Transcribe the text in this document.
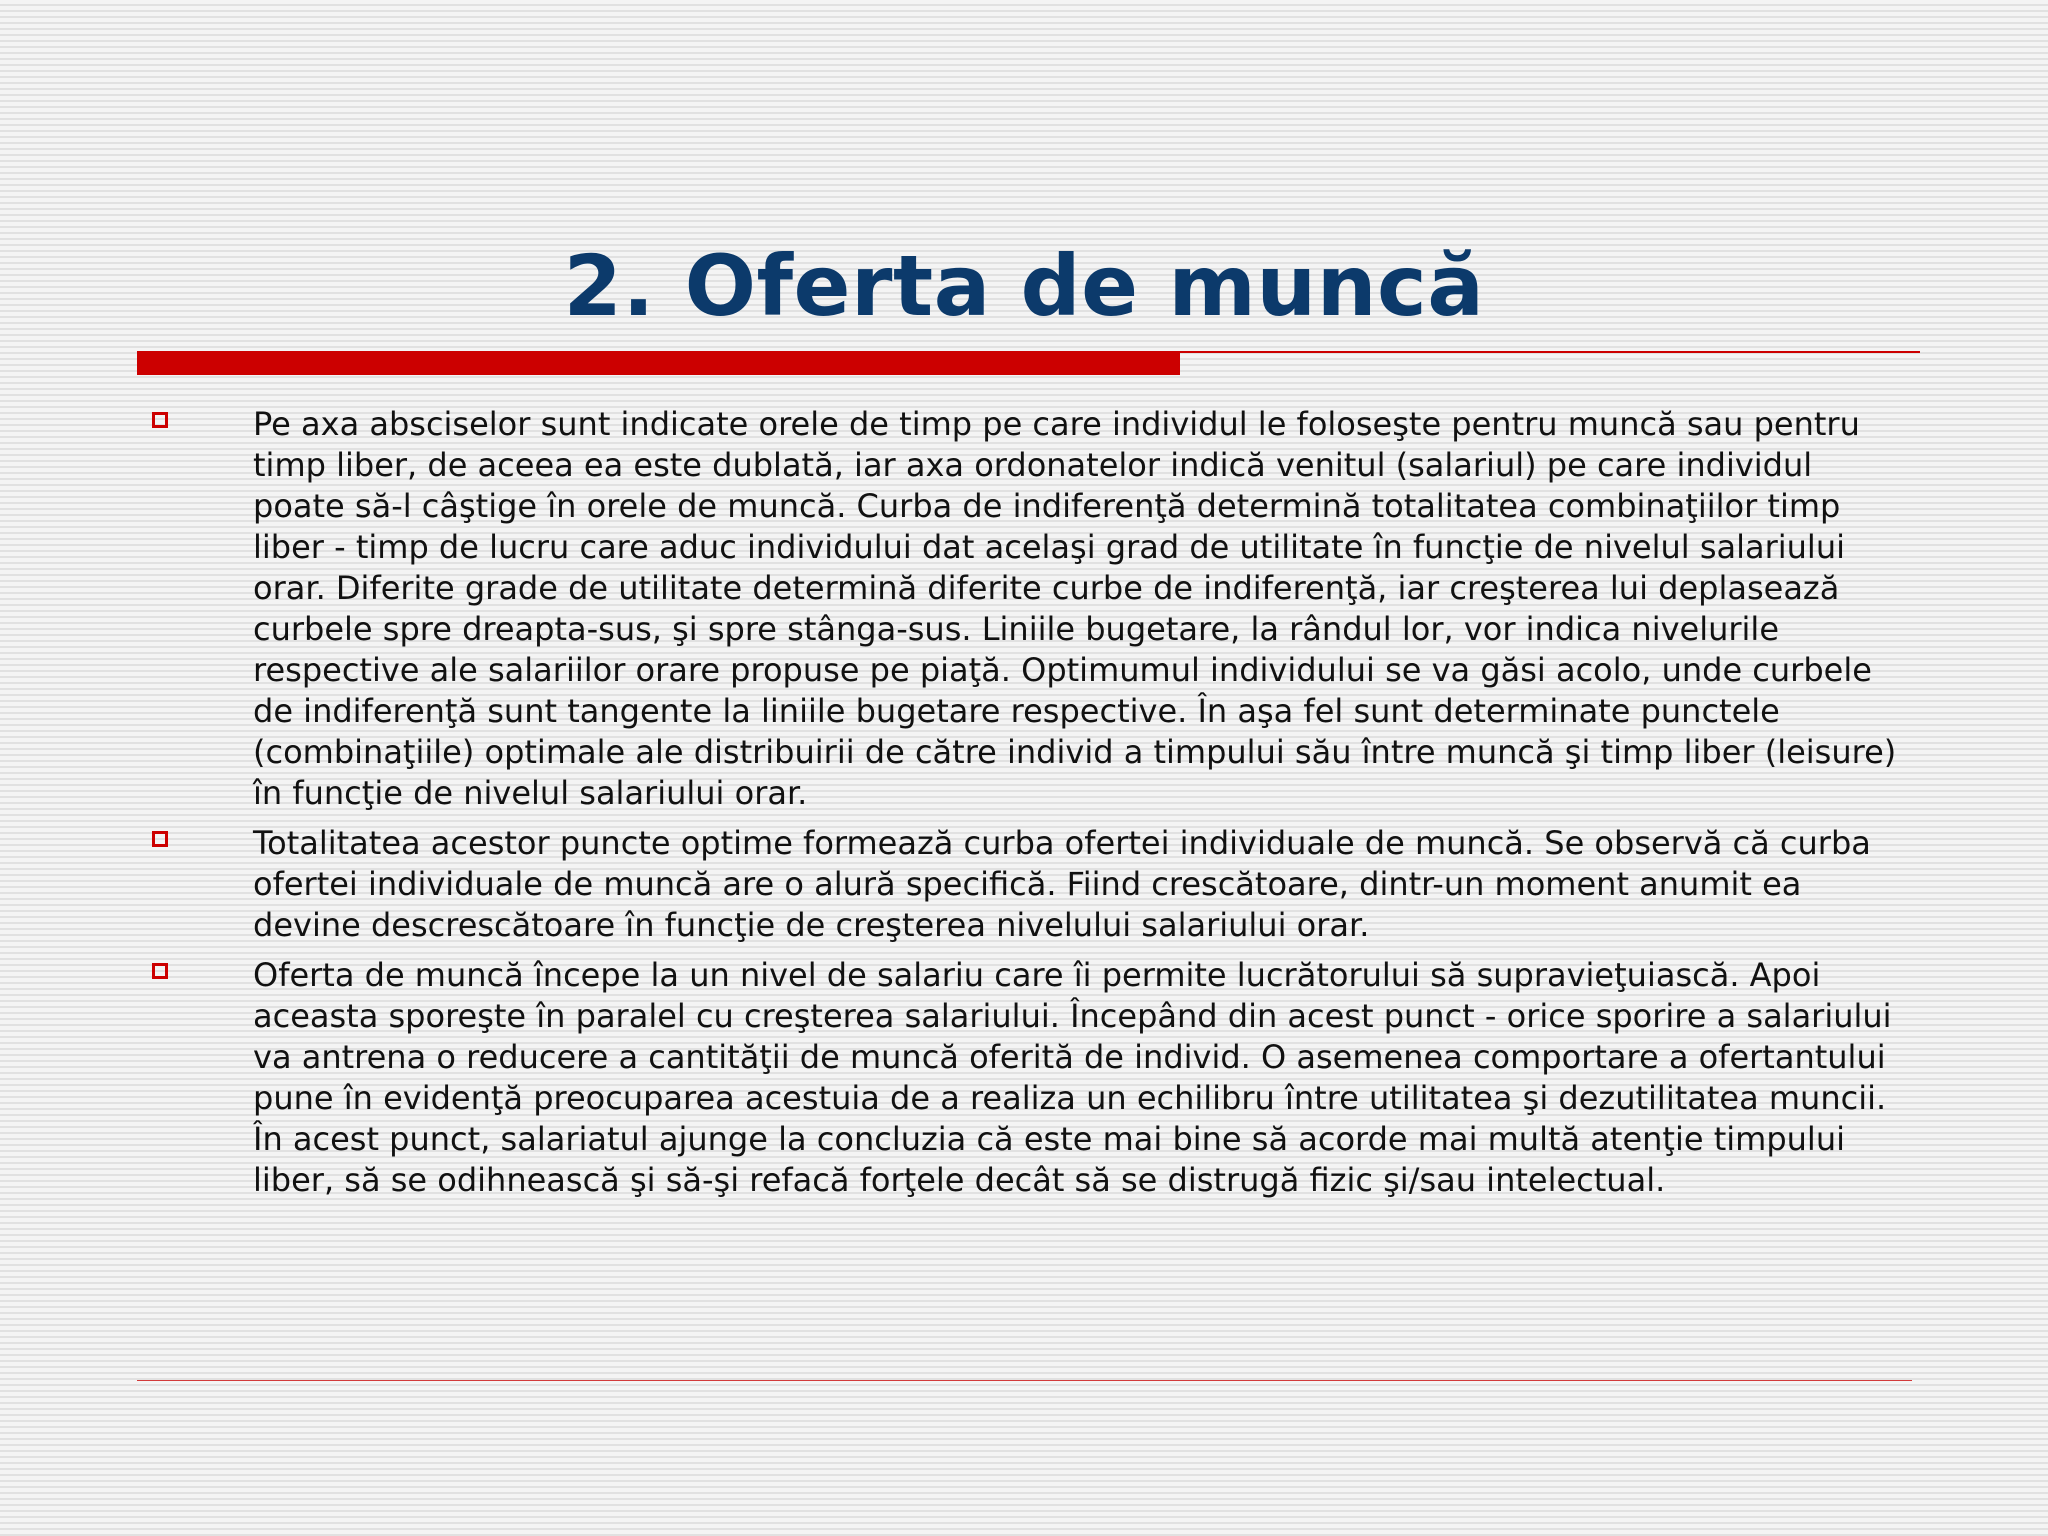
2. Oferta de muncă
Pe axa absciselor sunt indicate orele de timp pe care individul le foloseşte pentru muncă sau pentru timp liber, de aceea ea este dublată, iar axa ordonatelor indică venitul (salariul) pe care individul poate să-l câştige în orele de muncă. Curba de indiferenţă determină totalitatea combinaţiilor timp liber - timp de lucru care aduc individului dat acelaşi grad de utilitate în funcţie de nivelul salariului orar. Diferite grade de utilitate determină diferite curbe de indiferenţă, iar creşterea lui deplasează curbele spre dreapta-sus, şi spre stânga-sus. Liniile bugetare, la rândul lor, vor indica nivelurile respective ale salariilor orare propuse pe piaţă. Optimumul individului se va găsi acolo, unde curbele de indiferenţă sunt tangente la liniile bugetare respective. În aşa fel sunt determinate punctele (combinaţiile) optimale ale distribuirii de către individ a timpului său între muncă şi timp liber (leisure) în funcţie de nivelul salariului orar.
Totalitatea acestor puncte optime formează curba ofertei individuale de muncă. Se observă că curba ofertei individuale de muncă are o alură specifică. Fiind crescătoare, dintr-un moment anumit ea devine descrescătoare în funcţie de creşterea nivelului salariului orar.
Oferta de muncă începe la un nivel de salariu care îi permite lucrătorului să supravieţuiască. Apoi aceasta sporeşte în paralel cu creşterea salariului. Începând din acest punct - orice sporire a salariului va antrena o reducere a cantităţii de muncă oferită de individ. O asemenea comportare a ofertantului pune în evidenţă preocuparea acestuia de a realiza un echilibru între utilitatea şi dezutilitatea muncii. În acest punct, salariatul ajunge la concluzia că este mai bine să acorde mai multă atenţie timpului liber, să se odihnească şi să-şi refacă forţele decât să se distrugă fizic şi/sau intelectual.
